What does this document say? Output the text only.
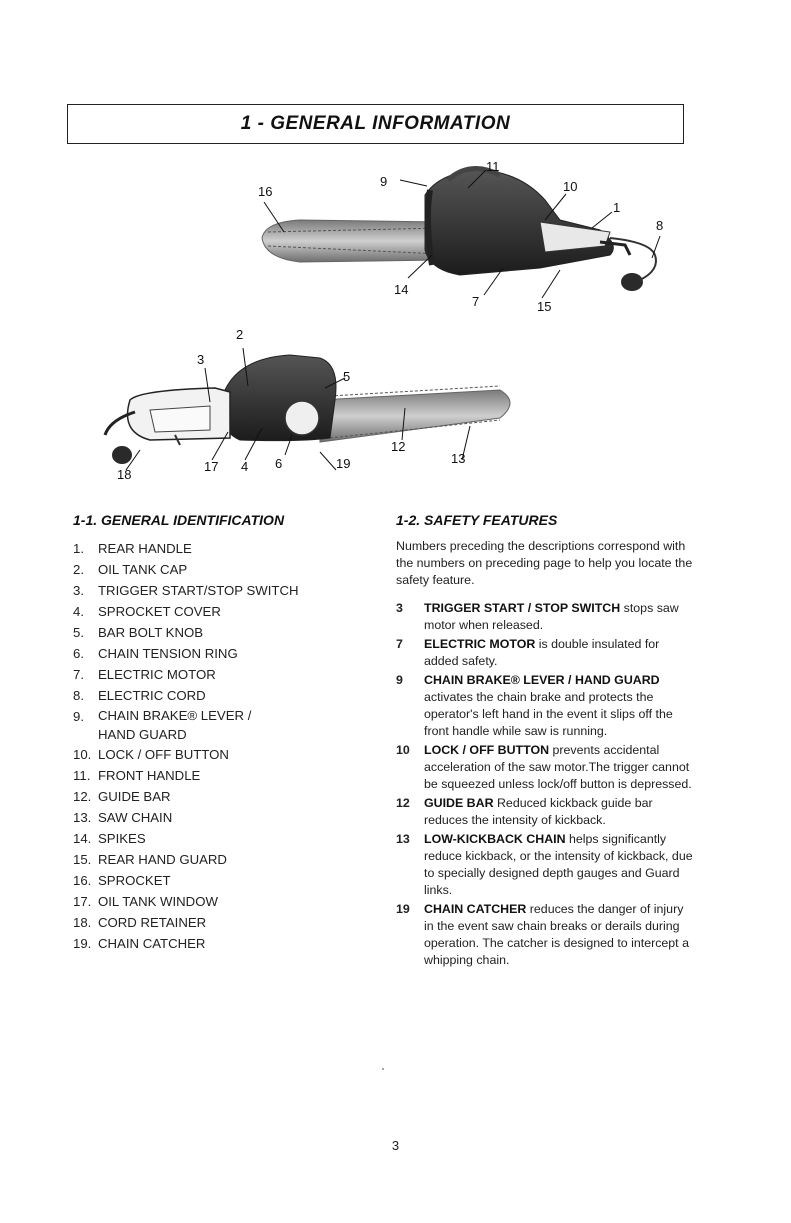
1 - GENERAL INFORMATION
16
9
11
10
1
8
14
7	15
2
3
5
18
17 4 6	19
12
13
1-1. GENERAL IDENTIFICATION
1.	REAR HANDLE
2.	OIL TANK CAP
3.	TRIGGER START/STOP SWITCH
4.	SPROCKET COVER
5.	BAR BOLT KNOB
6.	CHAIN TENSION RING
7.	ELECTRIC MOTOR
8.	ELECTRIC CORD
9.	CHAIN BRAKE® LEVER / HAND GUARD
10. LOCK / OFF BUTTON
11. FRONT HANDLE
12. GUIDE BAR
13. SAW CHAIN
14. SPIKES
15. REAR HAND GUARD
16. SPROCKET
17. OIL TANK WINDOW
18. CORD RETAINER
19. CHAIN CATCHER
1-2. SAFETY FEATURES

Numbers preceding the descriptions correspond with the numbers on preceding page to help you locate the safety feature.

3	TRIGGER START / STOP SWITCH stops saw motor when released.
7	ELECTRIC MOTOR is double insulated for added safety.
9	CHAIN BRAKE® LEVER / HAND GUARD activates the chain brake and protects the operator's left hand in the event it slips off the front handle while saw is running.
10	LOCK / OFF BUTTON prevents accidental acceleration of the saw motor.The trigger cannot be squeezed unless lock/off button is depressed.
12	GUIDE BAR Reduced kickback guide bar reduces the intensity of kickback.
13	LOW-KICKBACK CHAIN helps significantly reduce kickback, or the intensity of kickback, due to specially designed depth gauges and Guard links.
19	CHAIN CATCHER reduces the danger of injury in the event saw chain breaks or derails during operation. The catcher is designed to intercept a whipping chain.
3
